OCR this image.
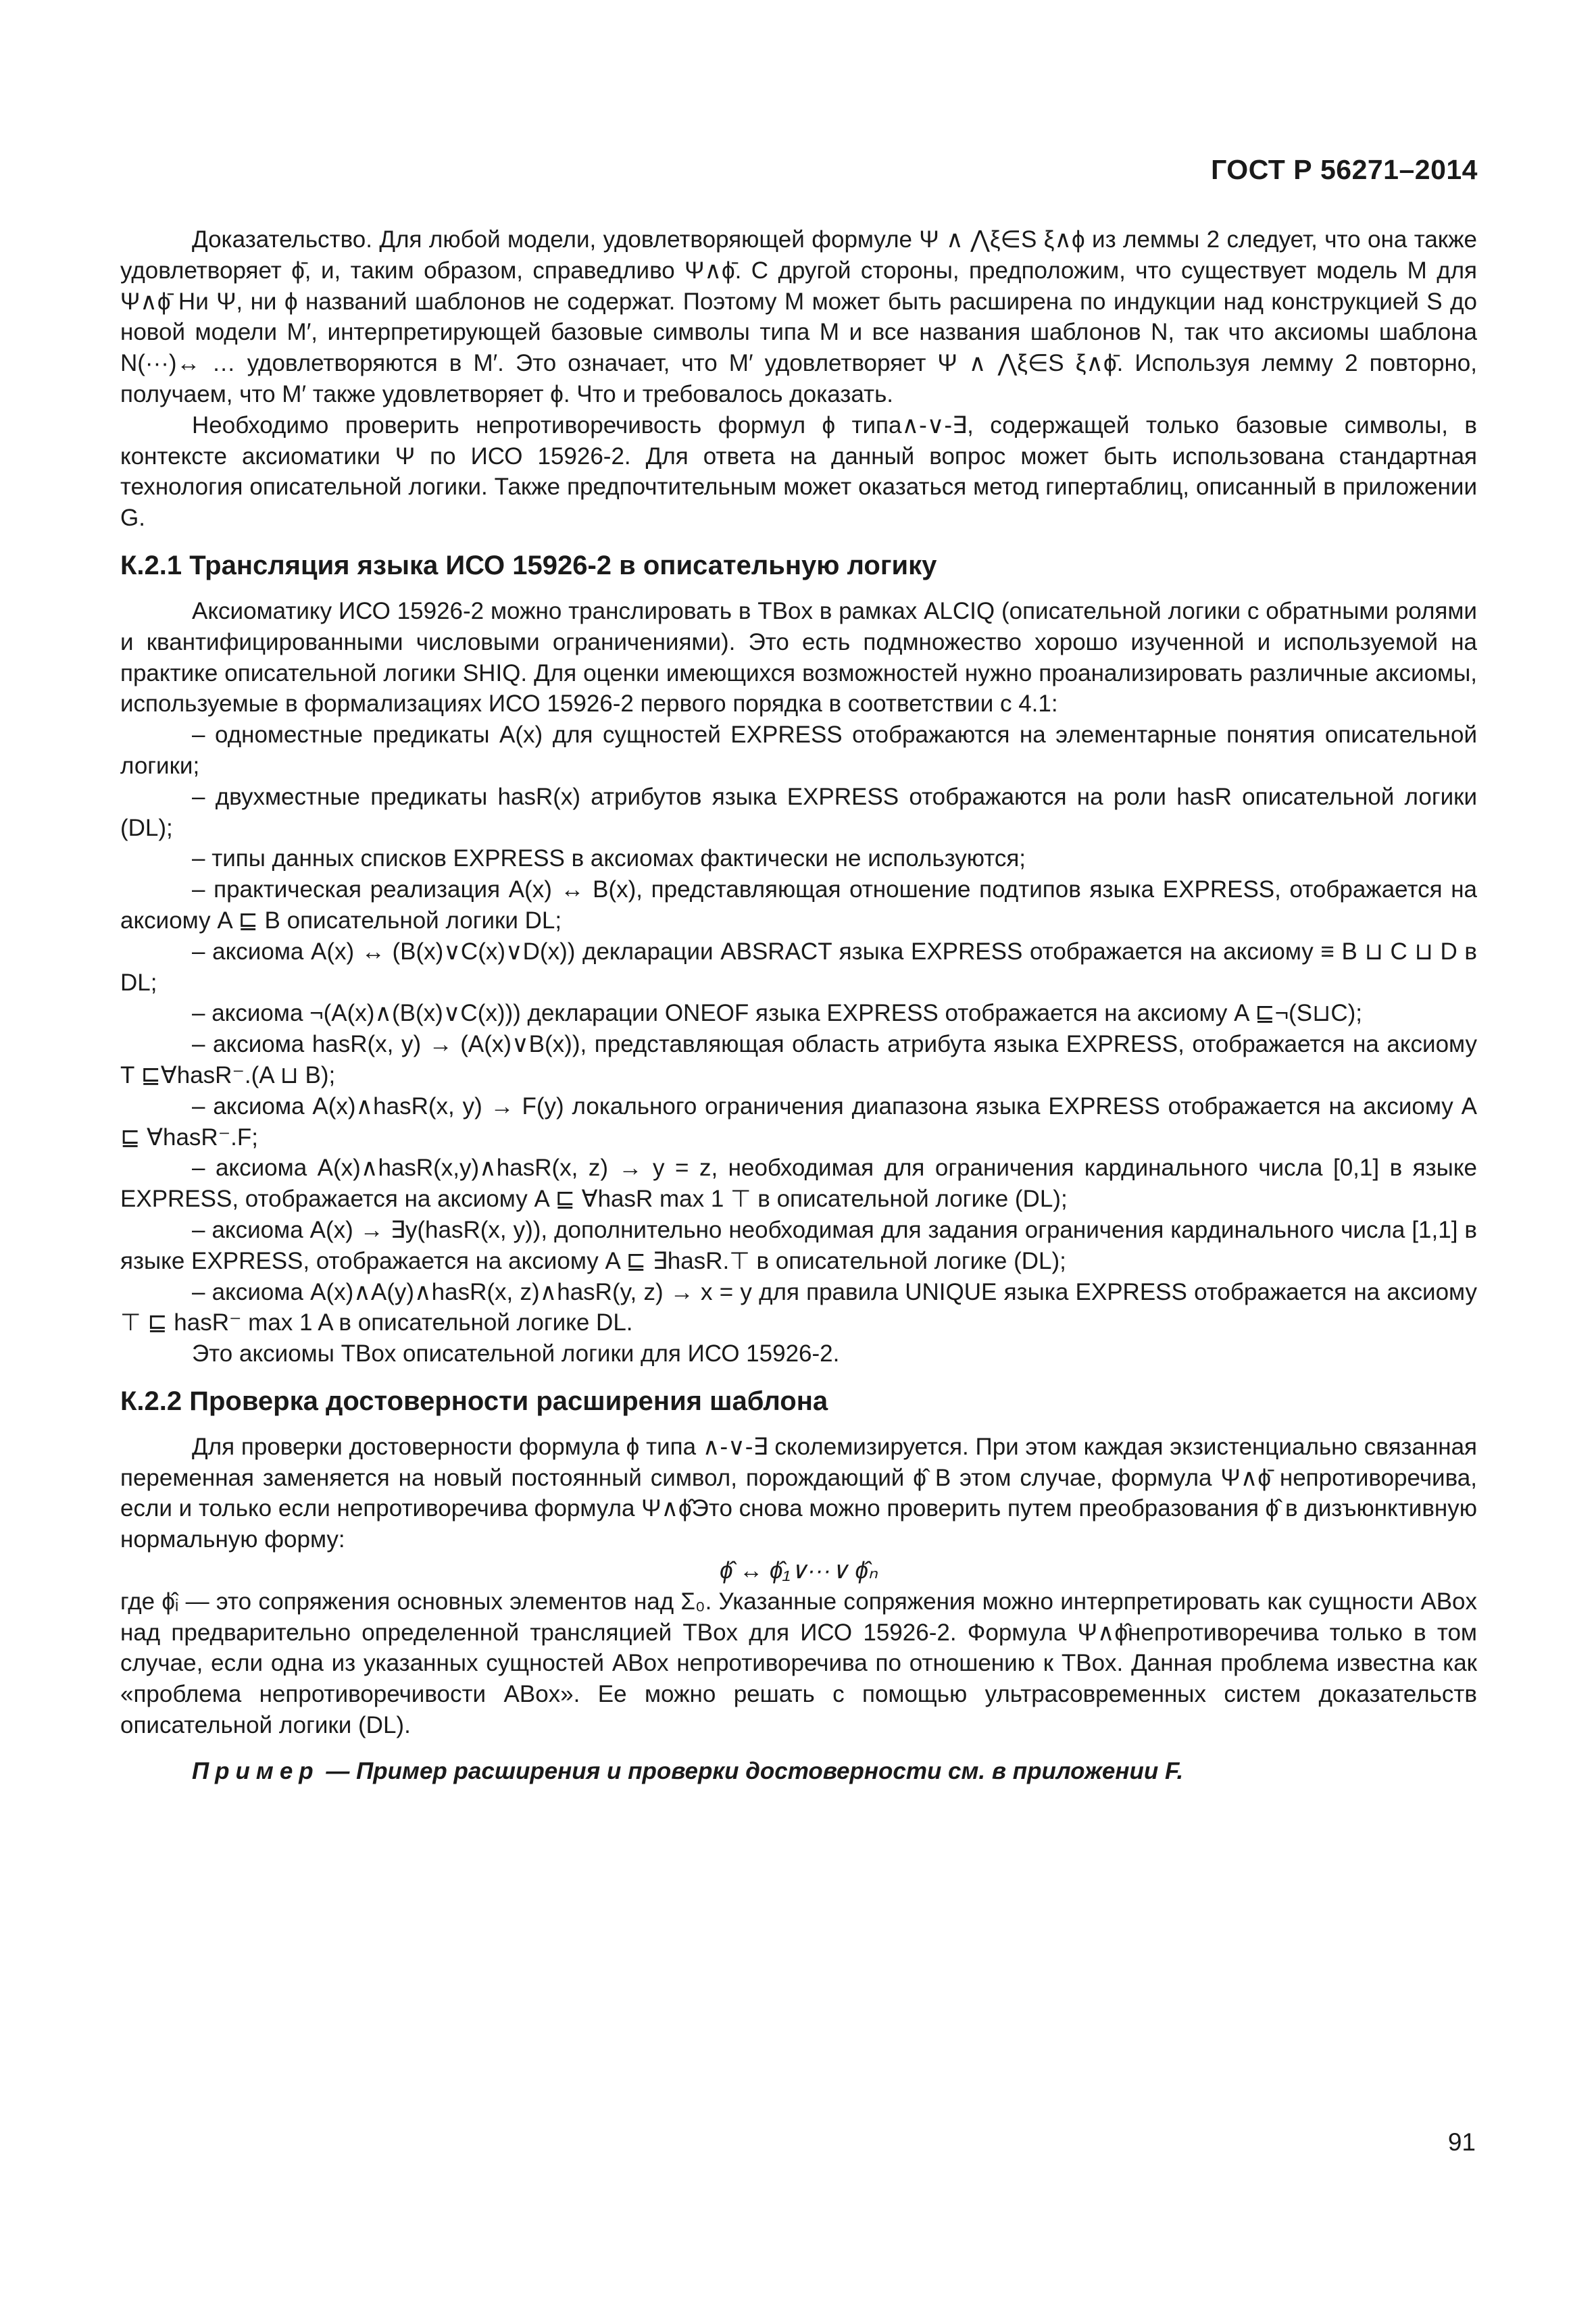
ГОСТ Р 56271–2014

Доказательство. Для любой модели, удовлетворяющей формуле Ψ ∧ ⋀ξ∈S ξ∧ϕ из леммы 2 следует, что она также удовлетворяет ϕ̄, и, таким образом, справедливо Ψ∧ϕ̄. С другой стороны, предположим, что существует модель M для Ψ∧ϕ̄ Ни Ψ, ни ϕ названий шаблонов не содержат. Поэтому M может быть расширена по индукции над конструкцией S до новой модели M′, интерпретирующей базовые символы типа M и все названия шаблонов N, так что аксиомы шаблона N(···)↔ … удовлетворяются в M′. Это означает, что M′ удовлетворяет Ψ ∧ ⋀ξ∈S ξ∧ϕ̄. Используя лемму 2 повторно, получаем, что M′ также удовлетворяет ϕ. Что и требовалось доказать.

Необходимо проверить непротиворечивость формул ϕ типа∧-∨-∃, содержащей только базовые символы, в контексте аксиоматики Ψ по ИСО 15926-2. Для ответа на данный вопрос может быть использована стандартная технология описательной логики. Также предпочтительным может оказаться метод гипертаблиц, описанный в приложении G.

К.2.1 Трансляция языка ИСО 15926-2 в описательную логику

Аксиоматику ИСО 15926-2 можно транслировать в TBox в рамках ALCIQ (описательной логики с обратными ролями и квантифицированными числовыми ограничениями). Это есть подмножество хорошо изученной и используемой на практике описательной логики SHIQ. Для оценки имеющихся возможностей нужно проанализировать различные аксиомы, используемые в формализациях ИСО 15926-2 первого порядка в соответствии с 4.1:

– одноместные предикаты A(x) для сущностей EXPRESS отображаются на элементарные понятия описательной логики;

– двухместные предикаты hasR(x) атрибутов языка EXPRESS отображаются на роли hasR описательной логики (DL);

– типы данных списков EXPRESS в аксиомах фактически не используются;

– практическая реализация A(x) ↔ B(x), представляющая отношение подтипов языка EXPRESS, отображается на аксиому A ⊑ B описательной логики DL;

– аксиома A(x) ↔ (B(x)∨C(x)∨D(x)) декларации ABSRACT языка EXPRESS отображается на аксиому ≡ B ⊔ C ⊔ D в DL;

– аксиома ¬(A(x)∧(B(x)∨C(x))) декларации ONEOF языка EXPRESS отображается на аксиому A ⊑¬(S⊔C);

– аксиома hasR(x, y) → (A(x)∨B(x)), представляющая область атрибута языка EXPRESS, отображается на аксиому T ⊑∀hasR⁻.(A ⊔ B);

– аксиома A(x)∧hasR(x, y) → F(y) локального ограничения диапазона языка EXPRESS отображается на аксиому A ⊑ ∀hasR⁻.F;

– аксиома A(x)∧hasR(x,y)∧hasR(x, z) → y = z, необходимая для ограничения кардинального числа [0,1] в языке EXPRESS, отображается на аксиому A ⊑ ∀hasR max 1 ⊤ в описательной логике (DL);

– аксиома A(x) → ∃y(hasR(x, y)), дополнительно необходимая для задания ограничения кардинального числа [1,1] в языке EXPRESS, отображается на аксиому A ⊑ ∃hasR.⊤ в описательной логике (DL);

– аксиома A(x)∧A(y)∧hasR(x, z)∧hasR(y, z) → x = y для правила UNIQUE языка EXPRESS отображается на аксиому ⊤ ⊑ hasR⁻ max 1 A в описательной логике DL.

Это аксиомы TBox описательной логики для ИСО 15926-2.

К.2.2 Проверка достоверности расширения шаблона

Для проверки достоверности формула ϕ типа ∧-∨-∃ сколемизируется. При этом каждая экзистенциально связанная переменная заменяется на новый постоянный символ, порождающий ϕ̂ В этом случае, формула Ψ∧ϕ̄ непротиворечива, если и только если непротиворечива формула Ψ∧ϕ̂Это снова можно проверить путем преобразования ϕ̂ в дизъюнктивную нормальную форму:

ϕ̂ ↔ ϕ̂₁∨···∨ ϕ̂ₙ

где ϕ̂ᵢ — это сопряжения основных элементов над Σ₀. Указанные сопряжения можно интерпретировать как сущности ABox над предварительно определенной трансляцией TBox для ИСО 15926-2. Формула Ψ∧ϕ̂непротиворечива только в том случае, если одна из указанных сущностей ABox непротиворечива по отношению к TBox. Данная проблема известна как «проблема непротиворечивости ABox». Ее можно решать с помощью ультрасовременных систем доказательств описательной логики (DL).

Пример — Пример расширения и проверки достоверности см. в приложении F.

91
